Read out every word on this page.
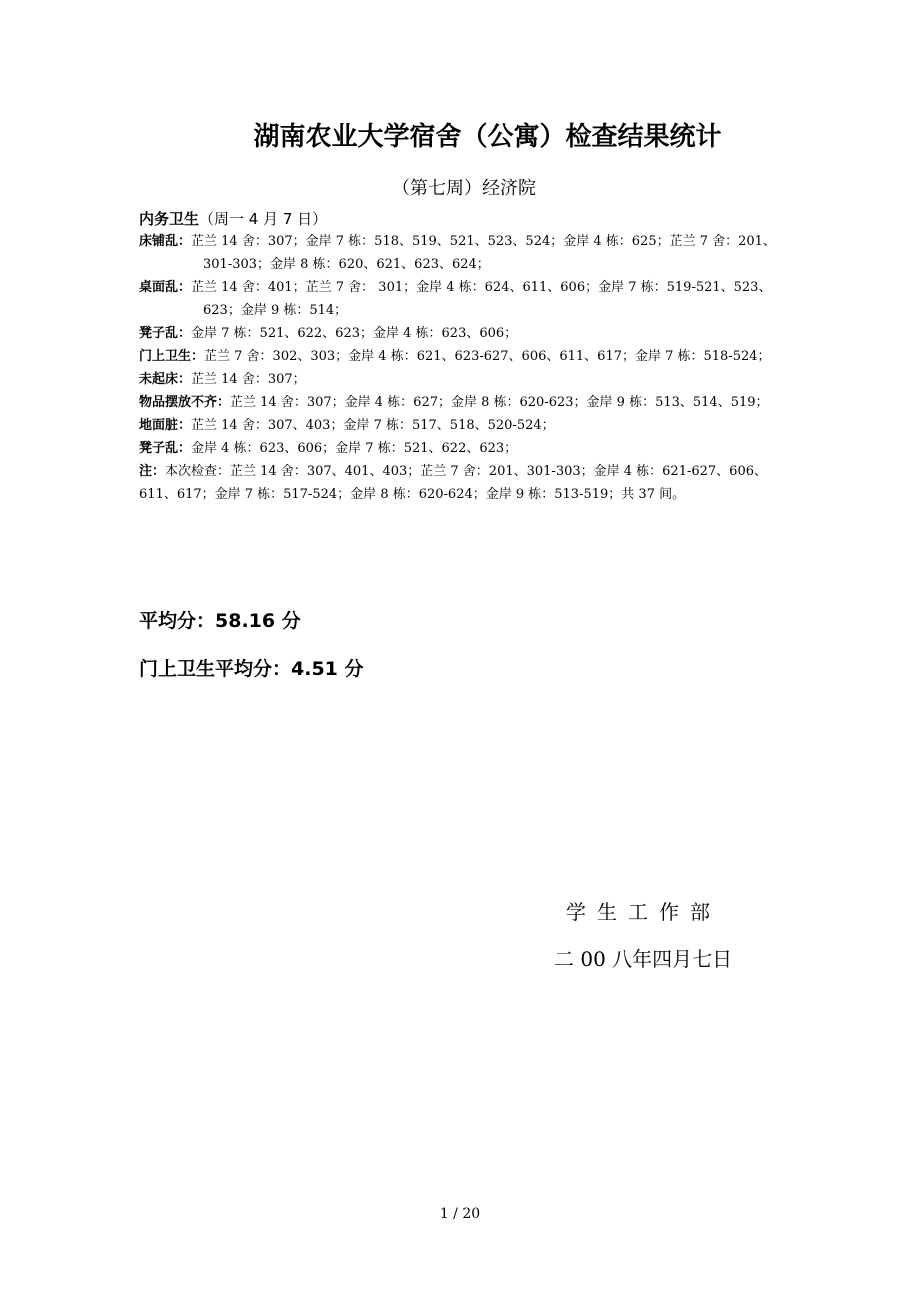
湖南农业大学宿舍（公寓）检查结果统计
（第七周）经济院
内务卫生（周一 4 月 7 日）
床铺乱：芷兰 14 舍：307；金岸 7 栋：518、519、521、523、524；金岸 4 栋：625；芷兰 7 舍：201、301-303；金岸 8 栋：620、621、623、624；
桌面乱：芷兰 14 舍：401；芷兰 7 舍： 301；金岸 4 栋：624、611、606；金岸 7 栋：519-521、523、623；金岸 9 栋：514；
凳子乱：金岸 7 栋：521、622、623；金岸 4 栋：623、606；
门上卫生：芷兰 7 舍：302、303；金岸 4 栋：621、623-627、606、611、617；金岸 7 栋：518-524；
未起床：芷兰 14 舍：307；
物品摆放不齐：芷兰 14 舍：307；金岸 4 栋：627；金岸 8 栋：620-623；金岸 9 栋：513、514、519；
地面脏：芷兰 14 舍：307、403；金岸 7 栋：517、518、520-524；
凳子乱：金岸 4 栋：623、606；金岸 7 栋：521、622、623；
注：本次检查：芷兰 14 舍：307、401、403；芷兰 7 舍：201、301-303；金岸 4 栋：621-627、606、611、617；金岸 7 栋：517-524；金岸 8 栋：620-624；金岸 9 栋：513-519；共 37 间。
平均分：58.16 分
门上卫生平均分：4.51 分
学生工作部
二 00 八年四月七日
1 / 20
